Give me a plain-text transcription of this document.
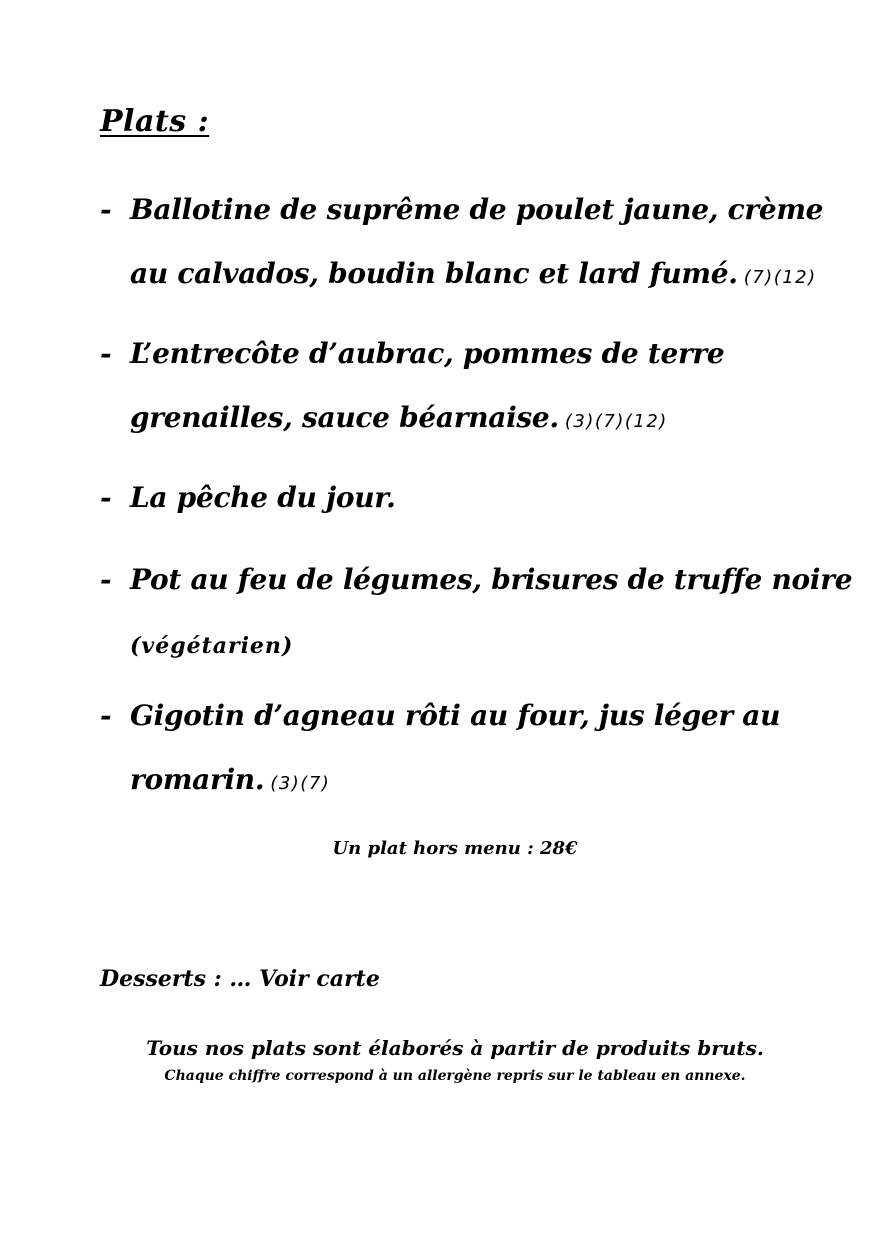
Plats :
- Ballotine de suprême de poulet jaune, crème
au calvados, boudin blanc et lard fumé. (7)(12)
- L’entrecôte d’aubrac, pommes de terre
grenailles, sauce béarnaise. (3)(7)(12)
- La pêche du jour.
- Pot au feu de légumes, brisures de truffe noire
(végétarien)
- Gigotin d’agneau rôti au four, jus léger au
romarin. (3)(7)
Un plat hors menu : 28€
Desserts : … Voir carte
Tous nos plats sont élaborés à partir de produits bruts.
Chaque chiffre correspond à un allergène repris sur le tableau en annexe.
